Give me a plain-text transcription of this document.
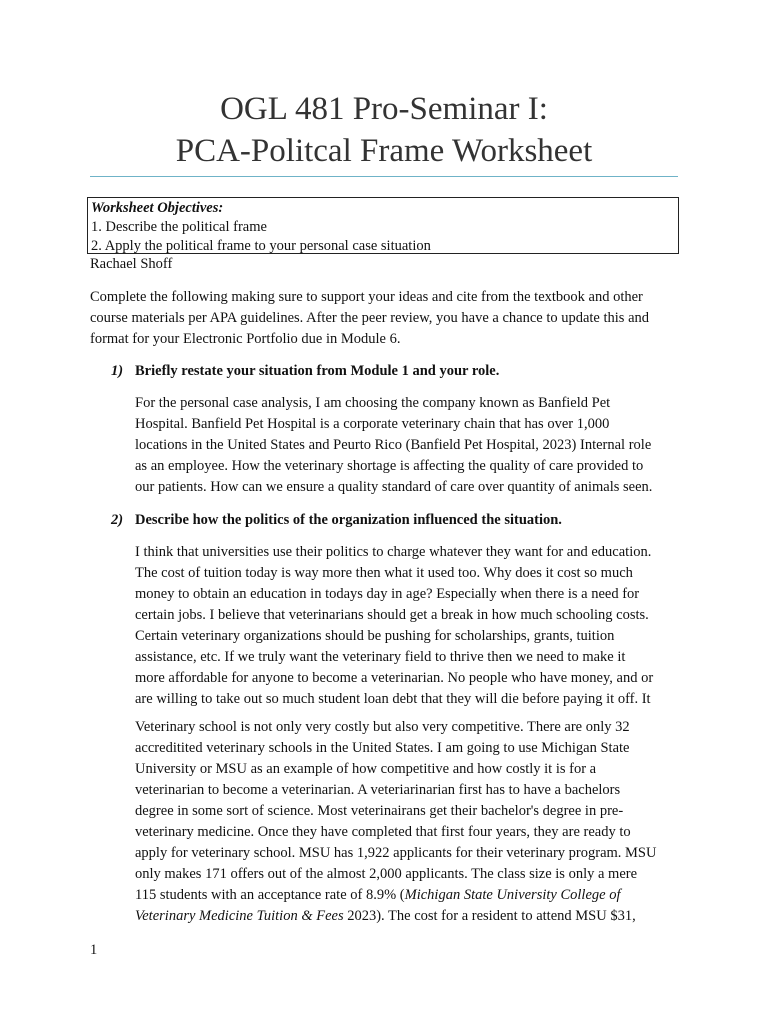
OGL 481 Pro-Seminar I:
PCA-Politcal Frame Worksheet
Worksheet Objectives:
1. Describe the political frame
2. Apply the political frame to your personal case situation
Rachael Shoff
Complete the following making sure to support your ideas and cite from the textbook and other
course materials per APA guidelines. After the peer review, you have a chance to update this and
format for your Electronic Portfolio due in Module 6.
1) Briefly restate your situation from Module 1 and your role.
For the personal case analysis, I am choosing the company known as Banfield Pet
Hospital. Banfield Pet Hospital is a corporate veterinary chain that has over 1,000
locations in the United States and Peurto Rico (Banfield Pet Hospital, 2023) Internal role
as an employee. How the veterinary shortage is affecting the quality of care provided to
our patients. How can we ensure a quality standard of care over quantity of animals seen.
2) Describe how the politics of the organization influenced the situation.
I think that universities use their politics to charge whatever they want for and education.
The cost of tuition today is way more then what it used too. Why does it cost so much
money to obtain an education in todays day in age? Especially when there is a need for
certain jobs. I believe that veterinarians should get a break in how much schooling costs.
Certain veterinary organizations should be pushing for scholarships, grants, tuition
assistance, etc. If we truly want the veterinary field to thrive then we need to make it
more affordable for anyone to become a veterinarian. No people who have money, and or
are willing to take out so much student loan debt that they will die before paying it off. It
Veterinary school is not only very costly but also very competitive. There are only 32
accreditited veterinary schools in the United States. I am going to use Michigan State
University or MSU as an example of how competitive and how costly it is for a
veterinarian to become a veterinarian. A veteriarinarian first has to have a bachelors
degree in some sort of science. Most veterinairans get their bachelor's degree in pre-
veterinary medicine. Once they have completed that first four years, they are ready to
apply for veterinary school. MSU has 1,922 applicants for their veterinary program. MSU
only makes 171 offers out of the almost 2,000 applicants. The class size is only a mere
115 students with an acceptance rate of 8.9% (Michigan State University College of
Veterinary Medicine Tuition & Fees 2023). The cost for a resident to attend MSU $31,
1
